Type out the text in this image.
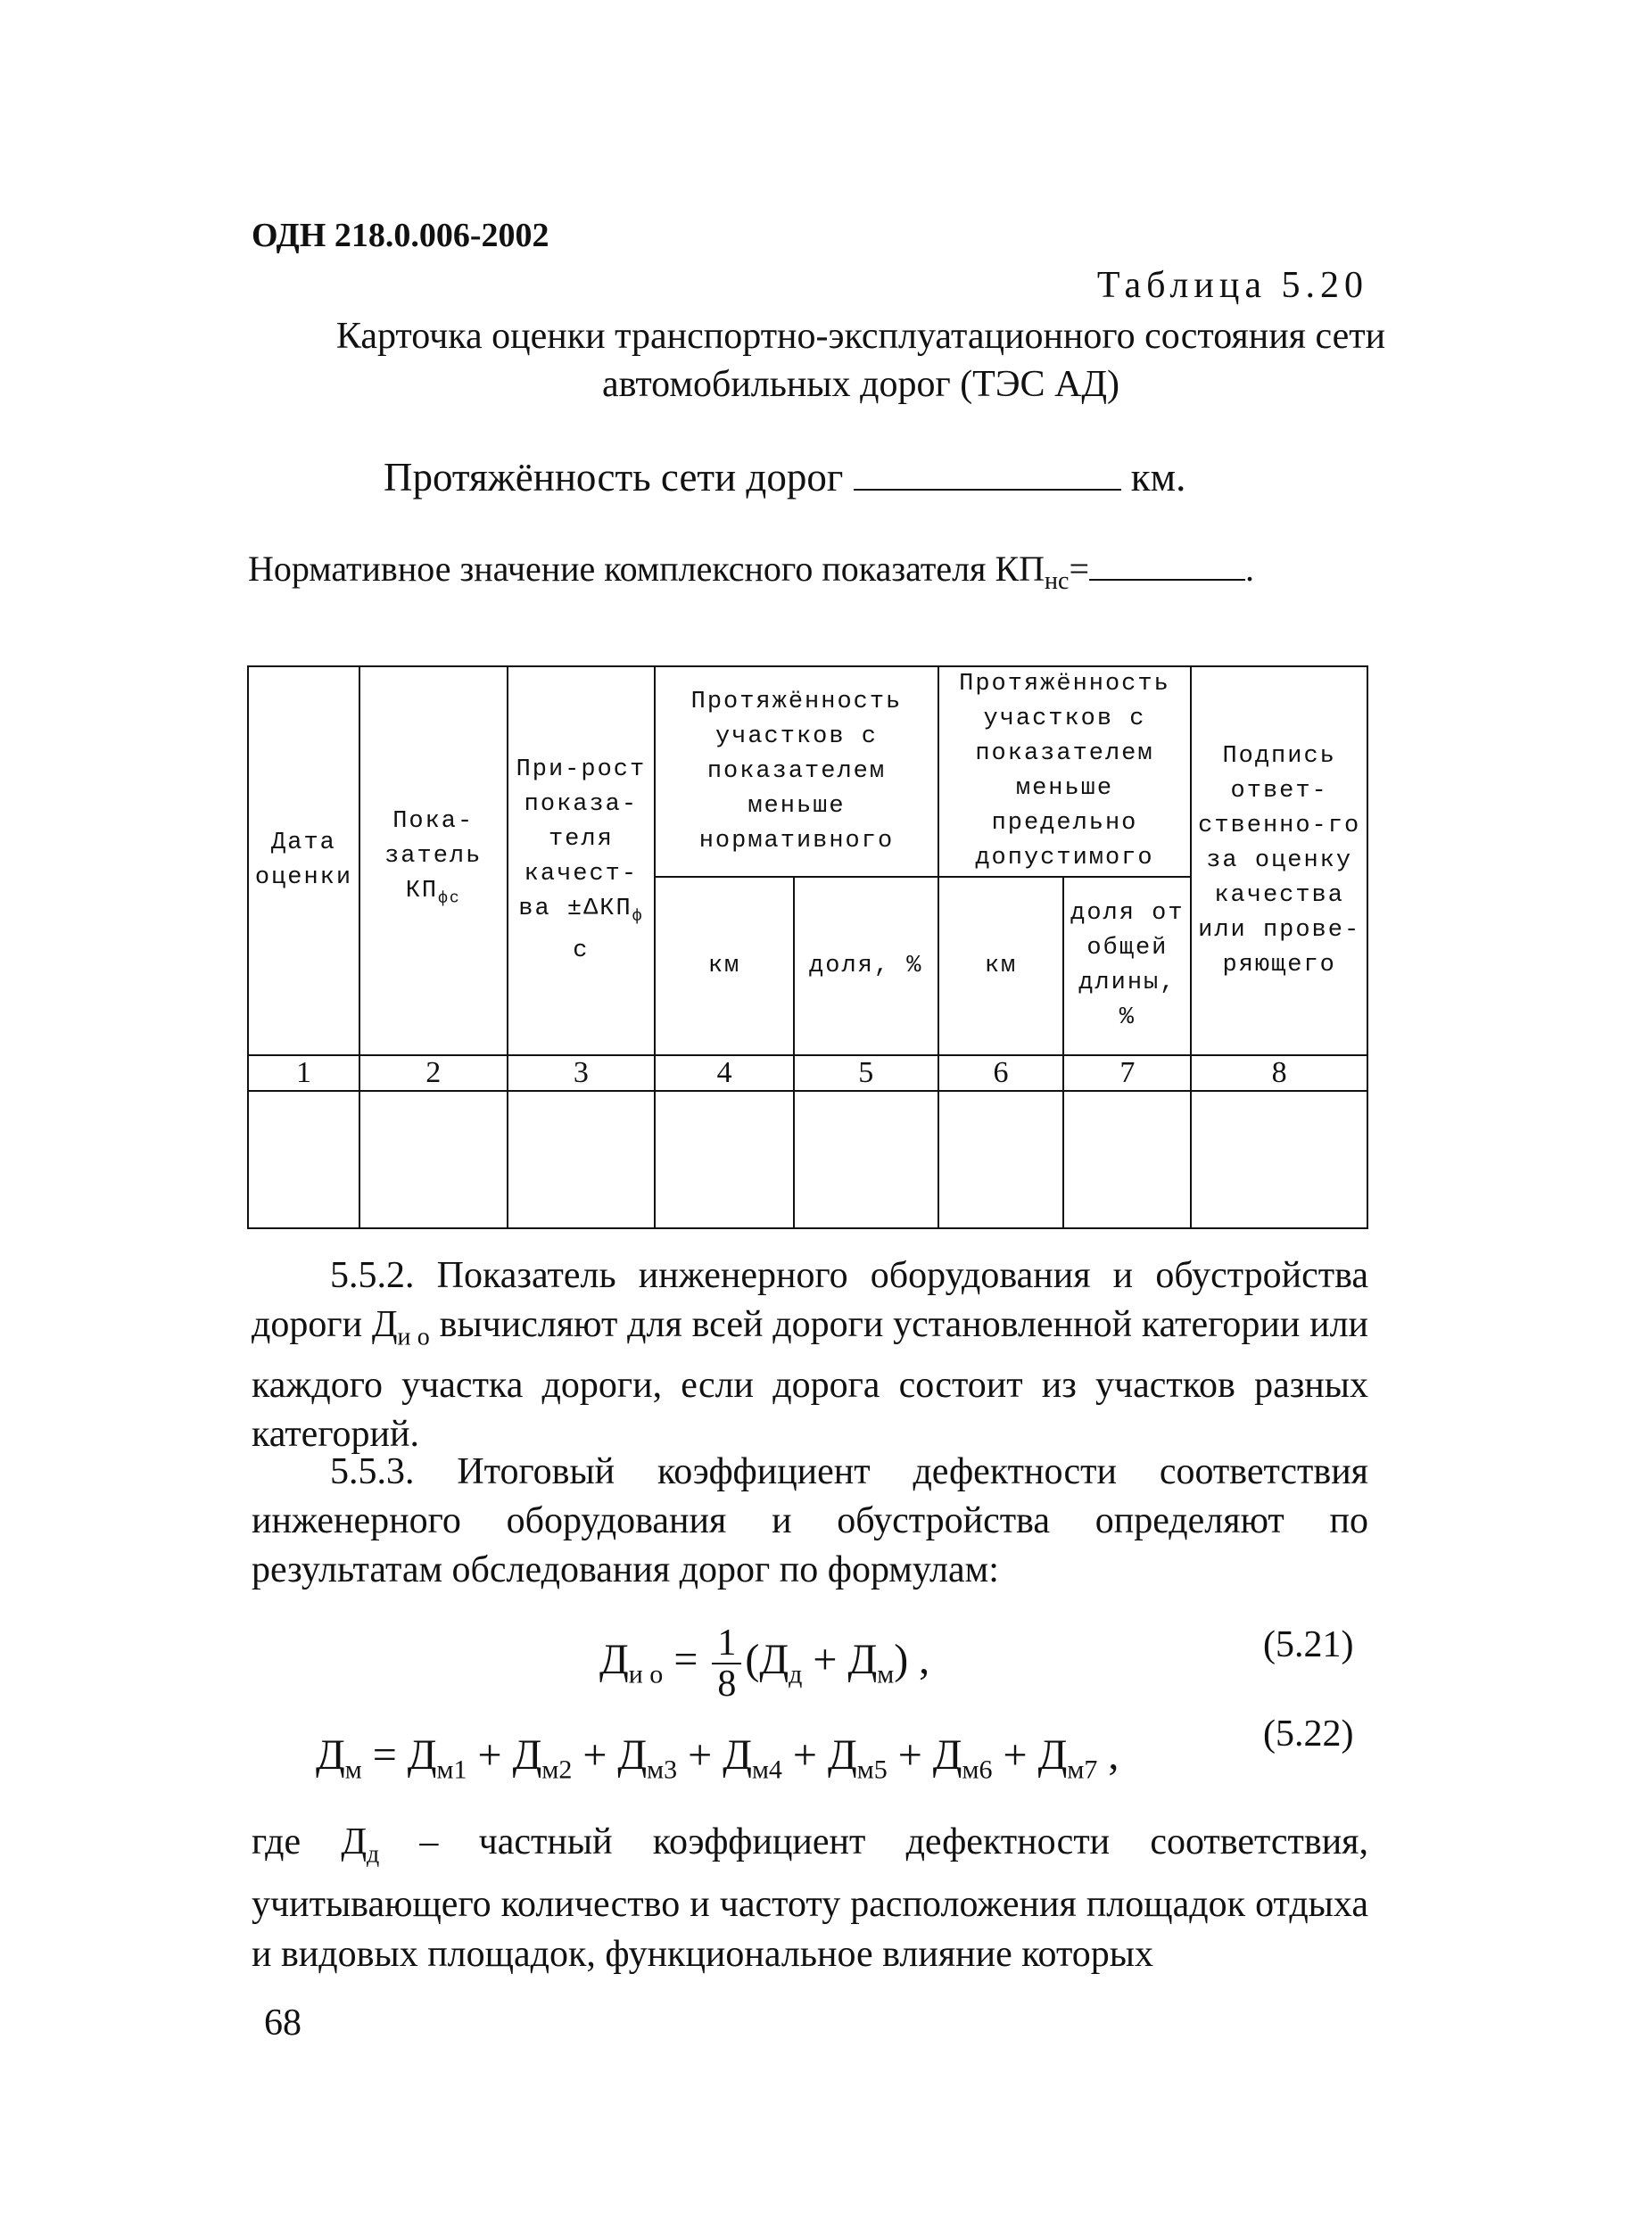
ОДН 218.0.006-2002
Таблица 5.20
Карточка оценки транспортно-эксплуатационного состояния сети
автомобильных дорог (ТЭС АД)
Протяжённость сети дорог	км.
Нормативное значение комплексного показателя $КП_{нс}=$	.
Дата оценки	Пока-затель $КП_{фс}$	При-рост показа-теля качест-ва $\pm\Delta КП_ф$ с	Протяжённость участков с показателем меньше нормативного		Протяжённость участков с показателем меньше предельно допустимого		Подпись ответ-ственно-го за оценку качества или прове-ряющего
			км	доля, %	км	доля от общей длины, %	
1	2	3	4	5	6	7	8

5.5.2. Показатель инженерного оборудования и обустройства дороги $Д_{и о}$ вычисляют для всей дороги установленной категории или каждого участка дороги, если дорога состоит из участков разных категорий.
5.5.3. Итоговый коэффициент дефектности соответствия инженерного оборудования и обустройства определяют по результатам обследования дорог по формулам:
$Д_{и о} = \frac{1}{8} (Д_д + Д_м)$ ,	(5.21)
$Д_м = Д_{м1} + Д_{м2} + Д_{м3} + Д_{м4} + Д_{м5} + Д_{м6} + Д_{м7}$ ,	(5.22)
где $Д_д$ – частный коэффициент дефектности соответствия, учитывающего количество и частоту расположения площадок отдыха и видовых площадок, функциональное влияние которых
68
